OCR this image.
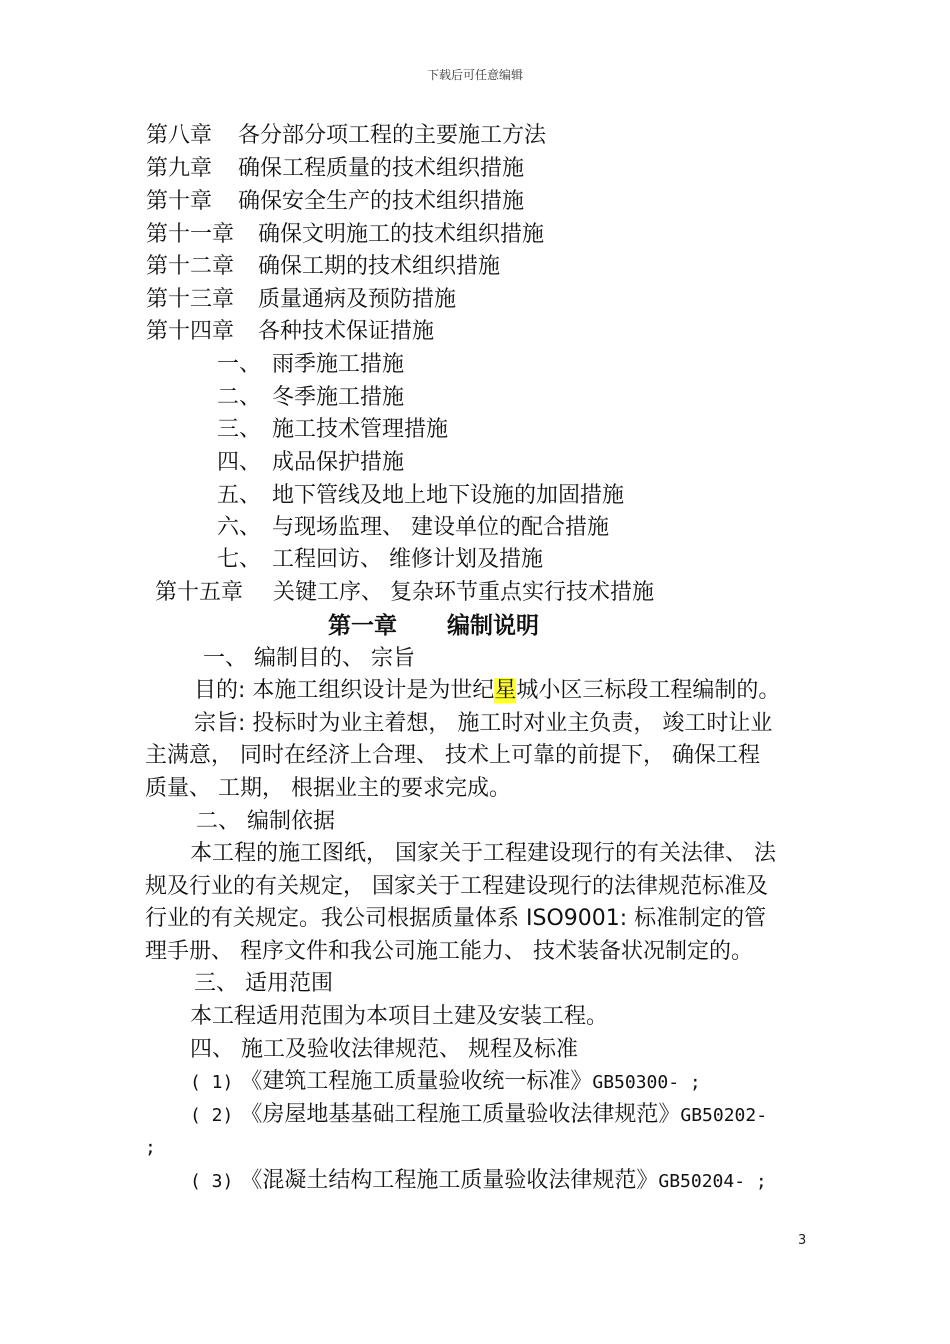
下载后可任意编辑
第八章 各分部分项工程的主要施工方法
第九章 确保工程质量的技术组织措施
第十章 确保安全生产的技术组织措施
第十一章 确保文明施工的技术组织措施
第十二章 确保工期的技术组织措施
第十三章 质量通病及预防措施
第十四章 各种技术保证措施
一、 雨季施工措施
二、 冬季施工措施
三、 施工技术管理措施
四、 成品保护措施
五、 地下管线及地上地下设施的加固措施
六、 与现场监理、 建设单位的配合措施
七、 工程回访、 维修计划及措施
第十五章 关键工序、 复杂环节重点实行技术措施
第一章 编制说明
一、 编制目的、 宗旨
目的: 本施工组织设计是为世纪星城小区三标段工程编制的。
宗旨: 投标时为业主着想， 施工时对业主负责， 竣工时让业
主满意， 同时在经济上合理、 技术上可靠的前提下， 确保工程
质量、 工期， 根据业主的要求完成。
二、 编制依据
本工程的施工图纸， 国家关于工程建设现行的有关法律、 法
规及行业的有关规定， 国家关于工程建设现行的法律规范标准及
行业的有关规定。我公司根据质量体系 ISO9001: 标准制定的管
理手册、 程序文件和我公司施工能力、 技术装备状况制定的。
三、 适用范围
本工程适用范围为本项目土建及安装工程。
四、 施工及验收法律规范、 规程及标准
( 1) 《建筑工程施工质量验收统一标准》GB50300- ;
( 2) 《房屋地基基础工程施工质量验收法律规范》GB50202-
;
( 3) 《混凝土结构工程施工质量验收法律规范》GB50204- ;
3
